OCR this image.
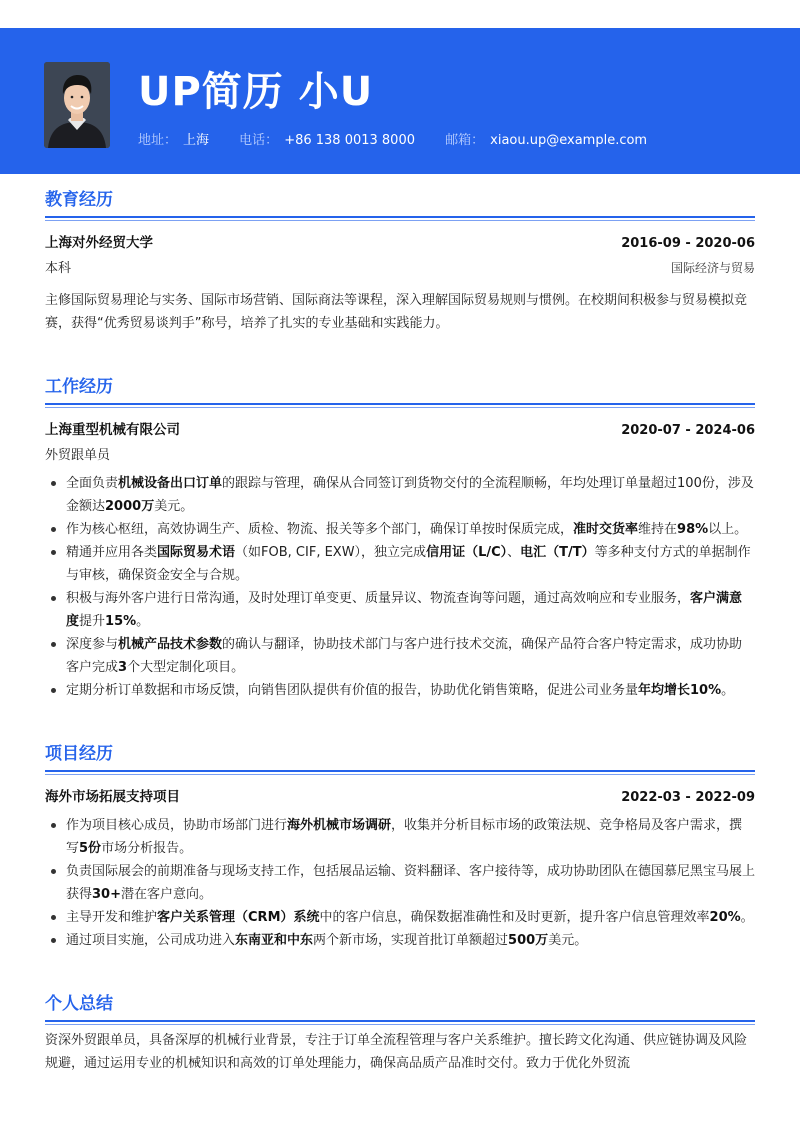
UP简历 小U
地址： 上海 电话： +86 138 0013 8000 邮箱： xiaou.up@example.com
教育经历
上海对外经贸大学	2016-09 - 2020-06
本科	国际经济与贸易

主修国际贸易理论与实务、国际市场营销、国际商法等课程，深入理解国际贸易规则与惯例。在校期间积极参与贸易模拟竞赛，获得“优秀贸易谈判手”称号，培养了扎实的专业基础和实践能力。

工作经历
上海重型机械有限公司	2020-07 - 2024-06
外贸跟单员
全面负责机械设备出口订单的跟踪与管理，确保从合同签订到货物交付的全流程顺畅，年均处理订单量超过100份，涉及金额达2000万美元。
作为核心枢纽，高效协调生产、质检、物流、报关等多个部门，确保订单按时保质完成，准时交货率维持在98%以上。
精通并应用各类国际贸易术语（如FOB, CIF, EXW），独立完成信用证（L/C）、电汇（T/T）等多种支付方式的单据制作与审核，确保资金安全与合规。
积极与海外客户进行日常沟通，及时处理订单变更、质量异议、物流查询等问题，通过高效响应和专业服务，客户满意度提升15%。
深度参与机械产品技术参数的确认与翻译，协助技术部门与客户进行技术交流，确保产品符合客户特定需求，成功协助客户完成3个大型定制化项目。
定期分析订单数据和市场反馈，向销售团队提供有价值的报告，协助优化销售策略，促进公司业务量年均增长10%。
项目经历
海外市场拓展支持项目	2022-03 - 2022-09
作为项目核心成员，协助市场部门进行海外机械市场调研，收集并分析目标市场的政策法规、竞争格局及客户需求，撰写5份市场分析报告。
负责国际展会的前期准备与现场支持工作，包括展品运输、资料翻译、客户接待等，成功协助团队在德国慕尼黑宝马展上获得30+潜在客户意向。
主导开发和维护客户关系管理（CRM）系统中的客户信息，确保数据准确性和及时更新，提升客户信息管理效率20%。
通过项目实施，公司成功进入东南亚和中东两个新市场，实现首批订单额超过500万美元。
个人总结

资深外贸跟单员，具备深厚的机械行业背景，专注于订单全流程管理与客户关系维护。擅长跨文化沟通、供应链协调及风险规避，通过运用专业的机械知识和高效的订单处理能力，确保高品质产品准时交付。致力于优化外贸流
